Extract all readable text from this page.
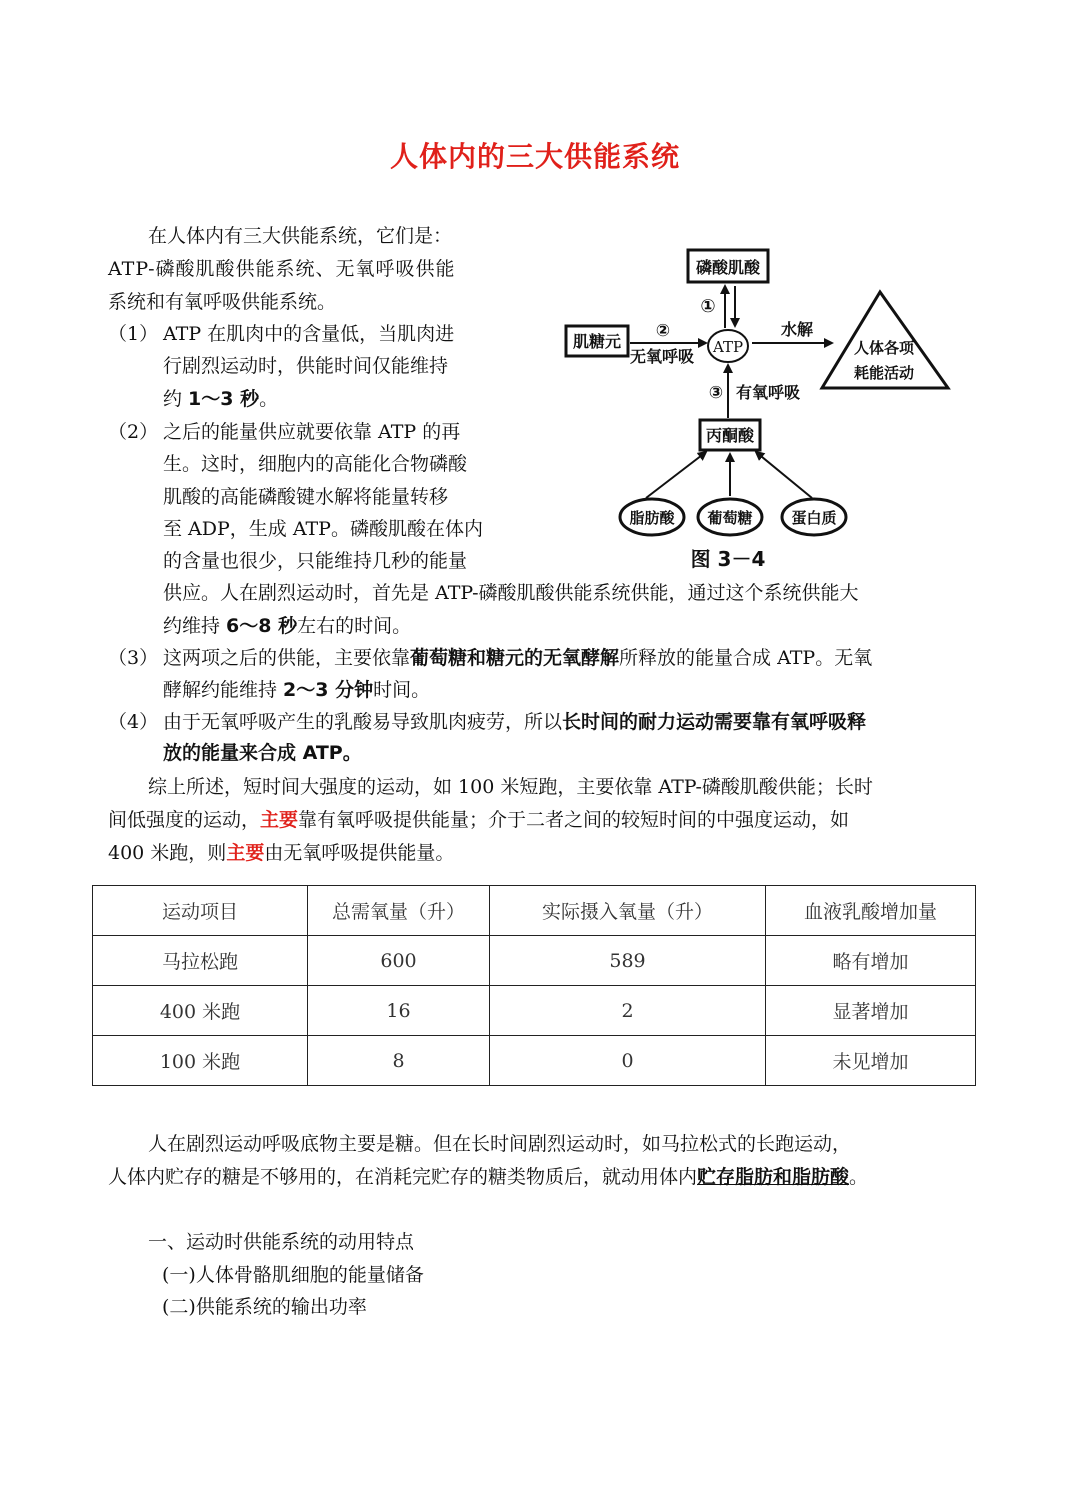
人体内的三大供能系统
在人体内有三大供能系统，它们是：
ATP-磷酸肌酸供能系统、无氧呼吸供能
系统和有氧呼吸供能系统。
（1） ATP 在肌肉中的含量低，当肌肉进
行剧烈运动时，供能时间仅能维持
约 1～3 秒。
（2） 之后的能量供应就要依靠 ATP 的再
生。这时，细胞内的高能化合物磷酸
肌酸的高能磷酸键水解将能量转移
至 ADP，生成 ATP。磷酸肌酸在体内
的含量也很少，只能维持几秒的能量
供应。人在剧烈运动时，首先是 ATP-磷酸肌酸供能系统供能，通过这个系统供能大
约维持 6～8 秒左右的时间。
（3） 这两项之后的供能，主要依靠葡萄糖和糖元的无氧酵解所释放的能量合成 ATP。无氧
酵解约能维持 2～3 分钟时间。
（4） 由于无氧呼吸产生的乳酸易导致肌肉疲劳，所以长时间的耐力运动需要靠有氧呼吸释
放的能量来合成 ATP。
综上所述，短时间大强度的运动，如 100 米短跑，主要依靠 ATP-磷酸肌酸供能；长时
间低强度的运动，主要靠有氧呼吸提供能量；介于二者之间的较短时间的中强度运动，如
400 米跑，则主要由无氧呼吸提供能量。
磷酸肌酸
①
肌糖元
②
无氧呼吸 ATP
水解
人体各项
耗能活动
③ 有氧呼吸
丙酮酸
脂肪酸 葡萄糖	蛋白质
图 3－4
运动项目	总需氧量（升）	实际摄入氧量（升）	血液乳酸增加量
马拉松跑	600	589	略有增加
400 米跑	16	2	显著增加
100 米跑	8	0	未见增加
人在剧烈运动呼吸底物主要是糖。但在长时间剧烈运动时，如马拉松式的长跑运动，
人体内贮存的糖是不够用的，在消耗完贮存的糖类物质后，就动用体内贮存脂肪和脂肪酸。
一、运动时供能系统的动用特点
(一)人体骨骼肌细胞的能量储备
(二)供能系统的输出功率
